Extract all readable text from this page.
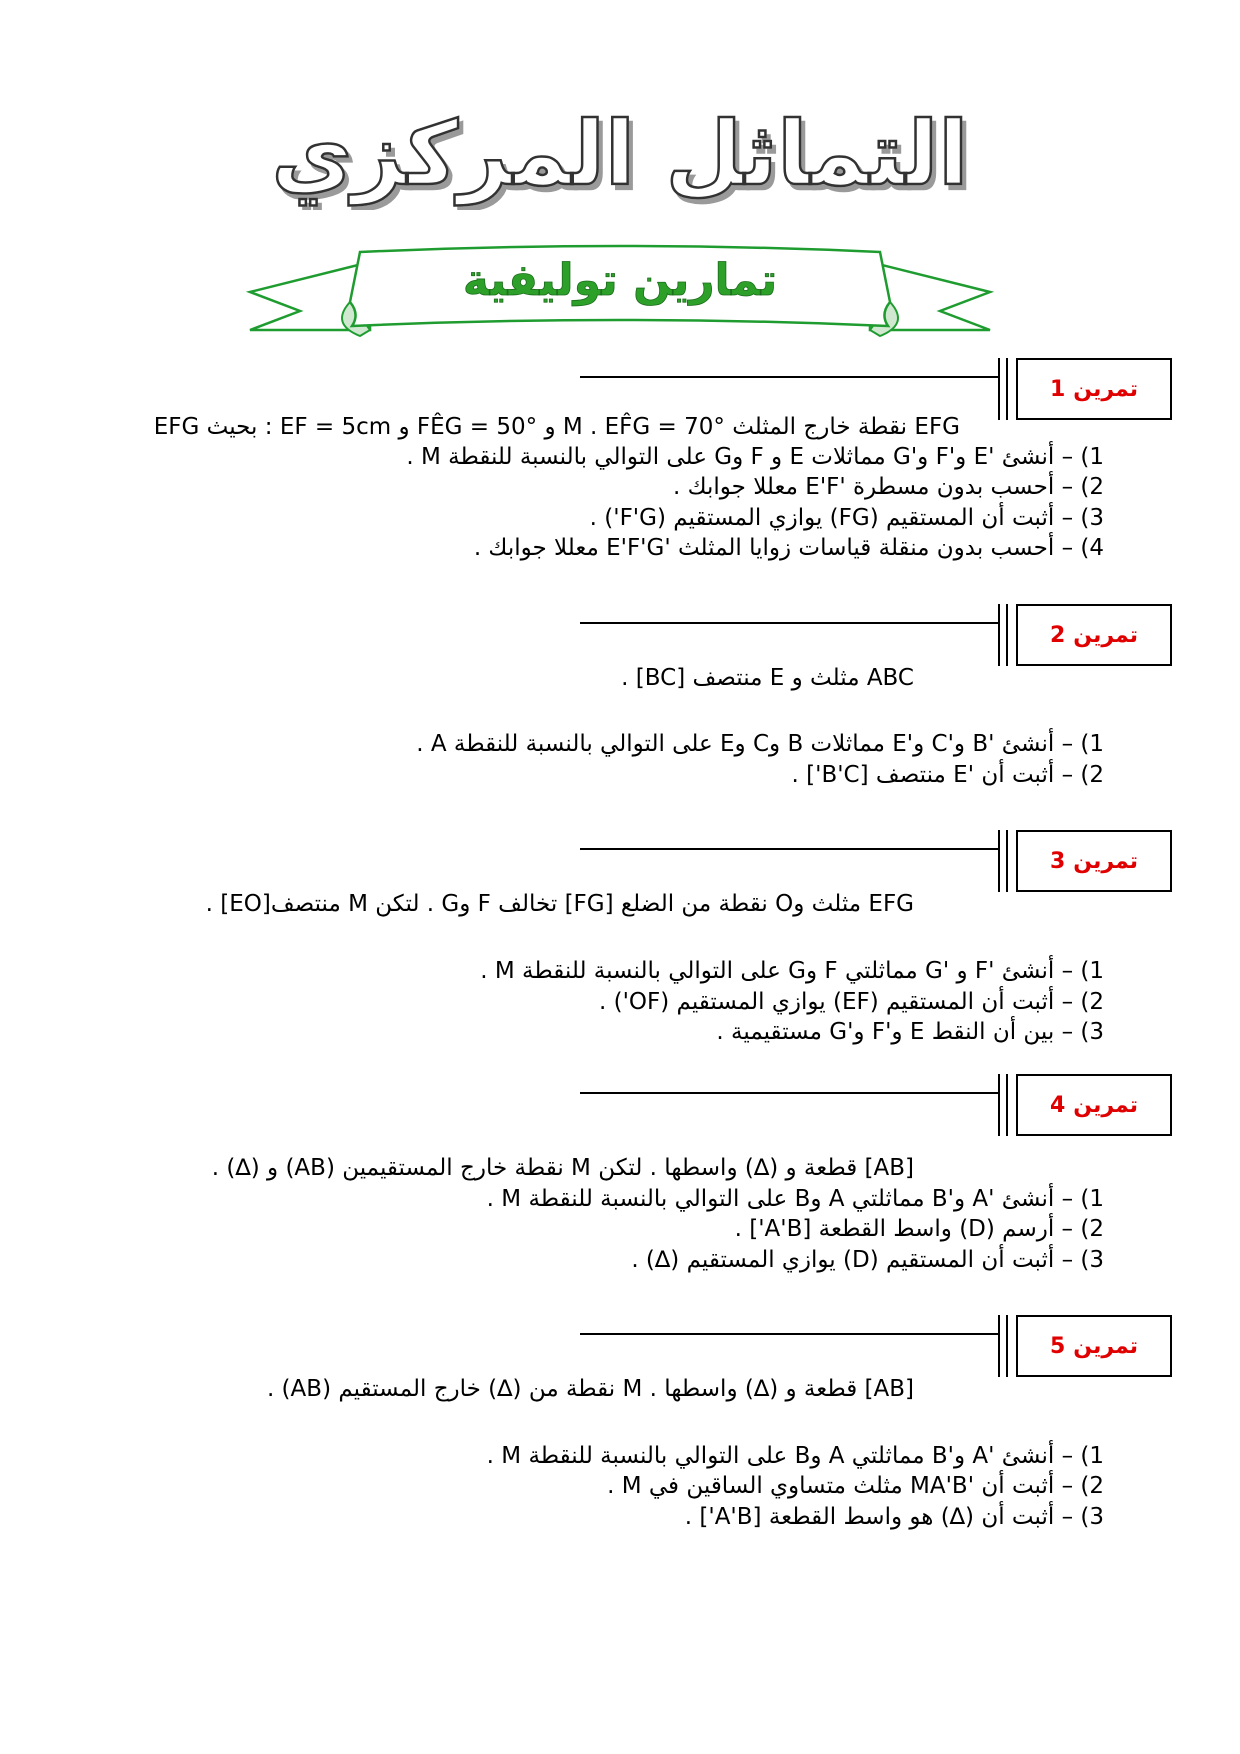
التماثل المركزي
تمارين توليفية
تمرين
1
EFG نقطة خارج المثلث M . EF̂G = 70° و FÊG = 50° و EF = 5cm : بحيث EFG
1) – أنشئ 'E و'F و'G مماثلات E و F وG على التوالي بالنسبة للنقطة M .
2) – أحسب بدون مسطرة 'E'F معللا جوابك .
3) – أثبت أن المستقيم (FG) يوازي المستقيم (F'G') .
4) – أحسب بدون منقلة قياسات زوايا المثلث 'E'F'G معللا جوابك .
تمرين
2
ABC مثلث و E منتصف [BC] .
1) – أنشئ 'B و'C و'E مماثلات B وC وE على التوالي بالنسبة للنقطة A .
2) – أثبت أن 'E منتصف [B'C'] .
تمرين
3
EFG مثلث وO نقطة من الضلع [FG] تخالف F وG . لتكن M منتصف[EO] .
1) – أنشئ 'F و 'G مماثلتي F وG على التوالي بالنسبة للنقطة M .
2) – أثبت أن المستقيم (EF) يوازي المستقيم (OF') .
3) – بين أن النقط E و'F و'G مستقيمية .
تمرين
4
[AB] قطعة و (∆) واسطها . لتكن M نقطة خارج المستقيمين (AB) و (∆) .
1) – أنشئ 'A و'B مماثلتي A وB على التوالي بالنسبة للنقطة M .
2) – أرسم (D) واسط القطعة [A'B'] .
3) – أثبت أن المستقيم (D) يوازي المستقيم (∆) .
تمرين
5
[AB] قطعة و (∆) واسطها . M نقطة من (∆) خارج المستقيم (AB) .
1) – أنشئ 'A و'B مماثلتي A وB على التوالي بالنسبة للنقطة M .
2) – أثبت أن 'MA'B مثلث متساوي الساقين في M .
3) – أثبت أن (∆) هو واسط القطعة [A'B'] .
